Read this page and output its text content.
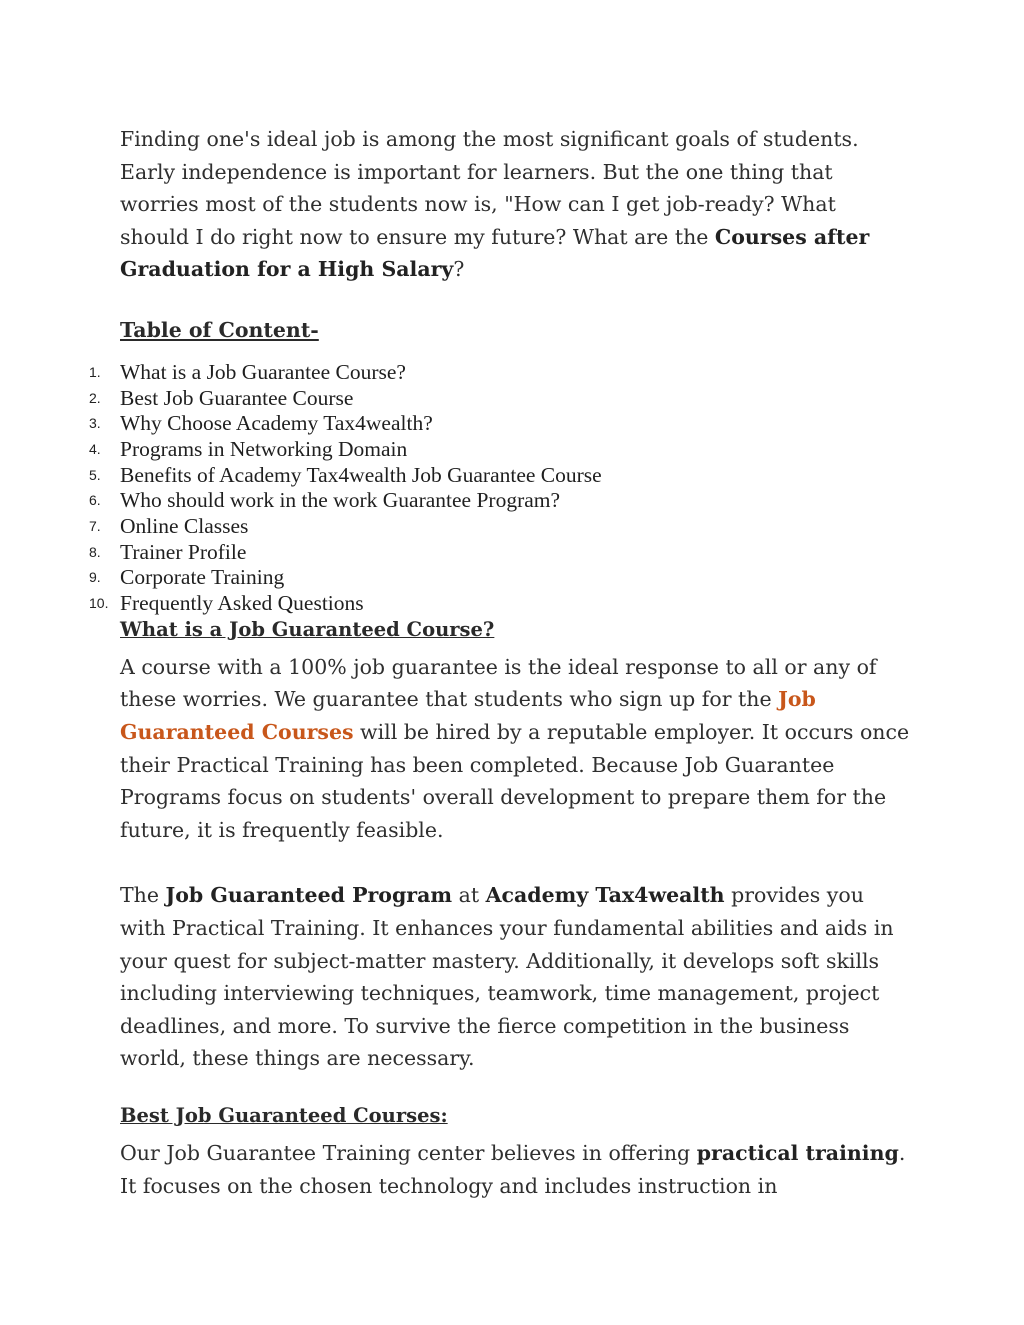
Finding one's ideal job is among the most significant goals of students. Early independence is important for learners. But the one thing that worries most of the students now is, "How can I get job-ready? What should I do right now to ensure my future? What are the Courses after Graduation for a High Salary?

Table of Content-

1. What is a Job Guarantee Course?
2. Best Job Guarantee Course
3. Why Choose Academy Tax4wealth?
4. Programs in Networking Domain
5. Benefits of Academy Tax4wealth Job Guarantee Course
6. Who should work in the work Guarantee Program?
7. Online Classes
8. Trainer Profile
9. Corporate Training
10. Frequently Asked Questions

What is a Job Guaranteed Course?

A course with a 100% job guarantee is the ideal response to all or any of these worries. We guarantee that students who sign up for the Job Guaranteed Courses will be hired by a reputable employer. It occurs once their Practical Training has been completed. Because Job Guarantee Programs focus on students' overall development to prepare them for the future, it is frequently feasible.

The Job Guaranteed Program at Academy Tax4wealth provides you with Practical Training. It enhances your fundamental abilities and aids in your quest for subject-matter mastery. Additionally, it develops soft skills including interviewing techniques, teamwork, time management, project deadlines, and more. To survive the fierce competition in the business world, these things are necessary.

Best Job Guaranteed Courses:

Our Job Guarantee Training center believes in offering practical training. It focuses on the chosen technology and includes instruction in
